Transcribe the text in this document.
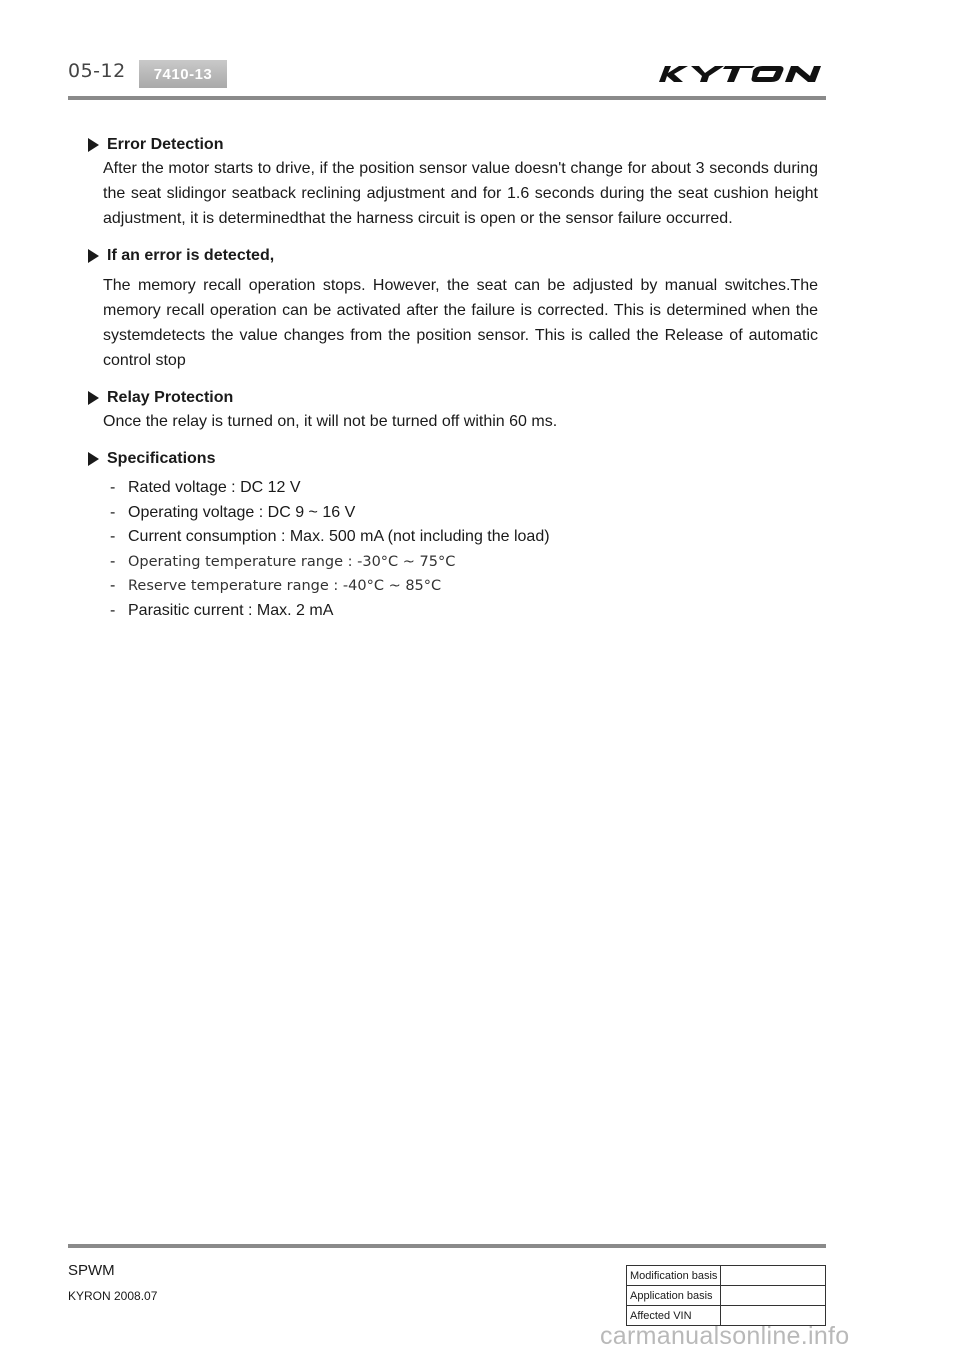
05-12	7410-13
Error Detection
After the motor starts to drive, if the position sensor value doesn't change for about 3 seconds during the seat slidingor seatback reclining adjustment and for 1.6 seconds during the seat cushion height adjustment, it is determinedthat the harness circuit is open or the sensor failure occurred.
If an error is detected,
The memory recall operation stops. However, the seat can be adjusted by manual switches.The memory recall operation can be activated after the failure is corrected. This is determined when the systemdetects the value changes from the position sensor. This is called the Release of automatic control stop
Relay Protection
Once the relay is turned on, it will not be turned off within 60 ms.
Specifications
- Rated voltage : DC 12 V
- Operating voltage : DC 9 ~ 16 V
- Current consumption : Max. 500 mA (not including the load)
- Operating temperature range : -30°C ~ 75°C
- Reserve temperature range : -40°C ~ 85°C
- Parasitic current : Max. 2 mA
SPWM
KYRON 2008.07
Modification basis	
Application basis	
Affected VIN	
carmanualsonline.info
